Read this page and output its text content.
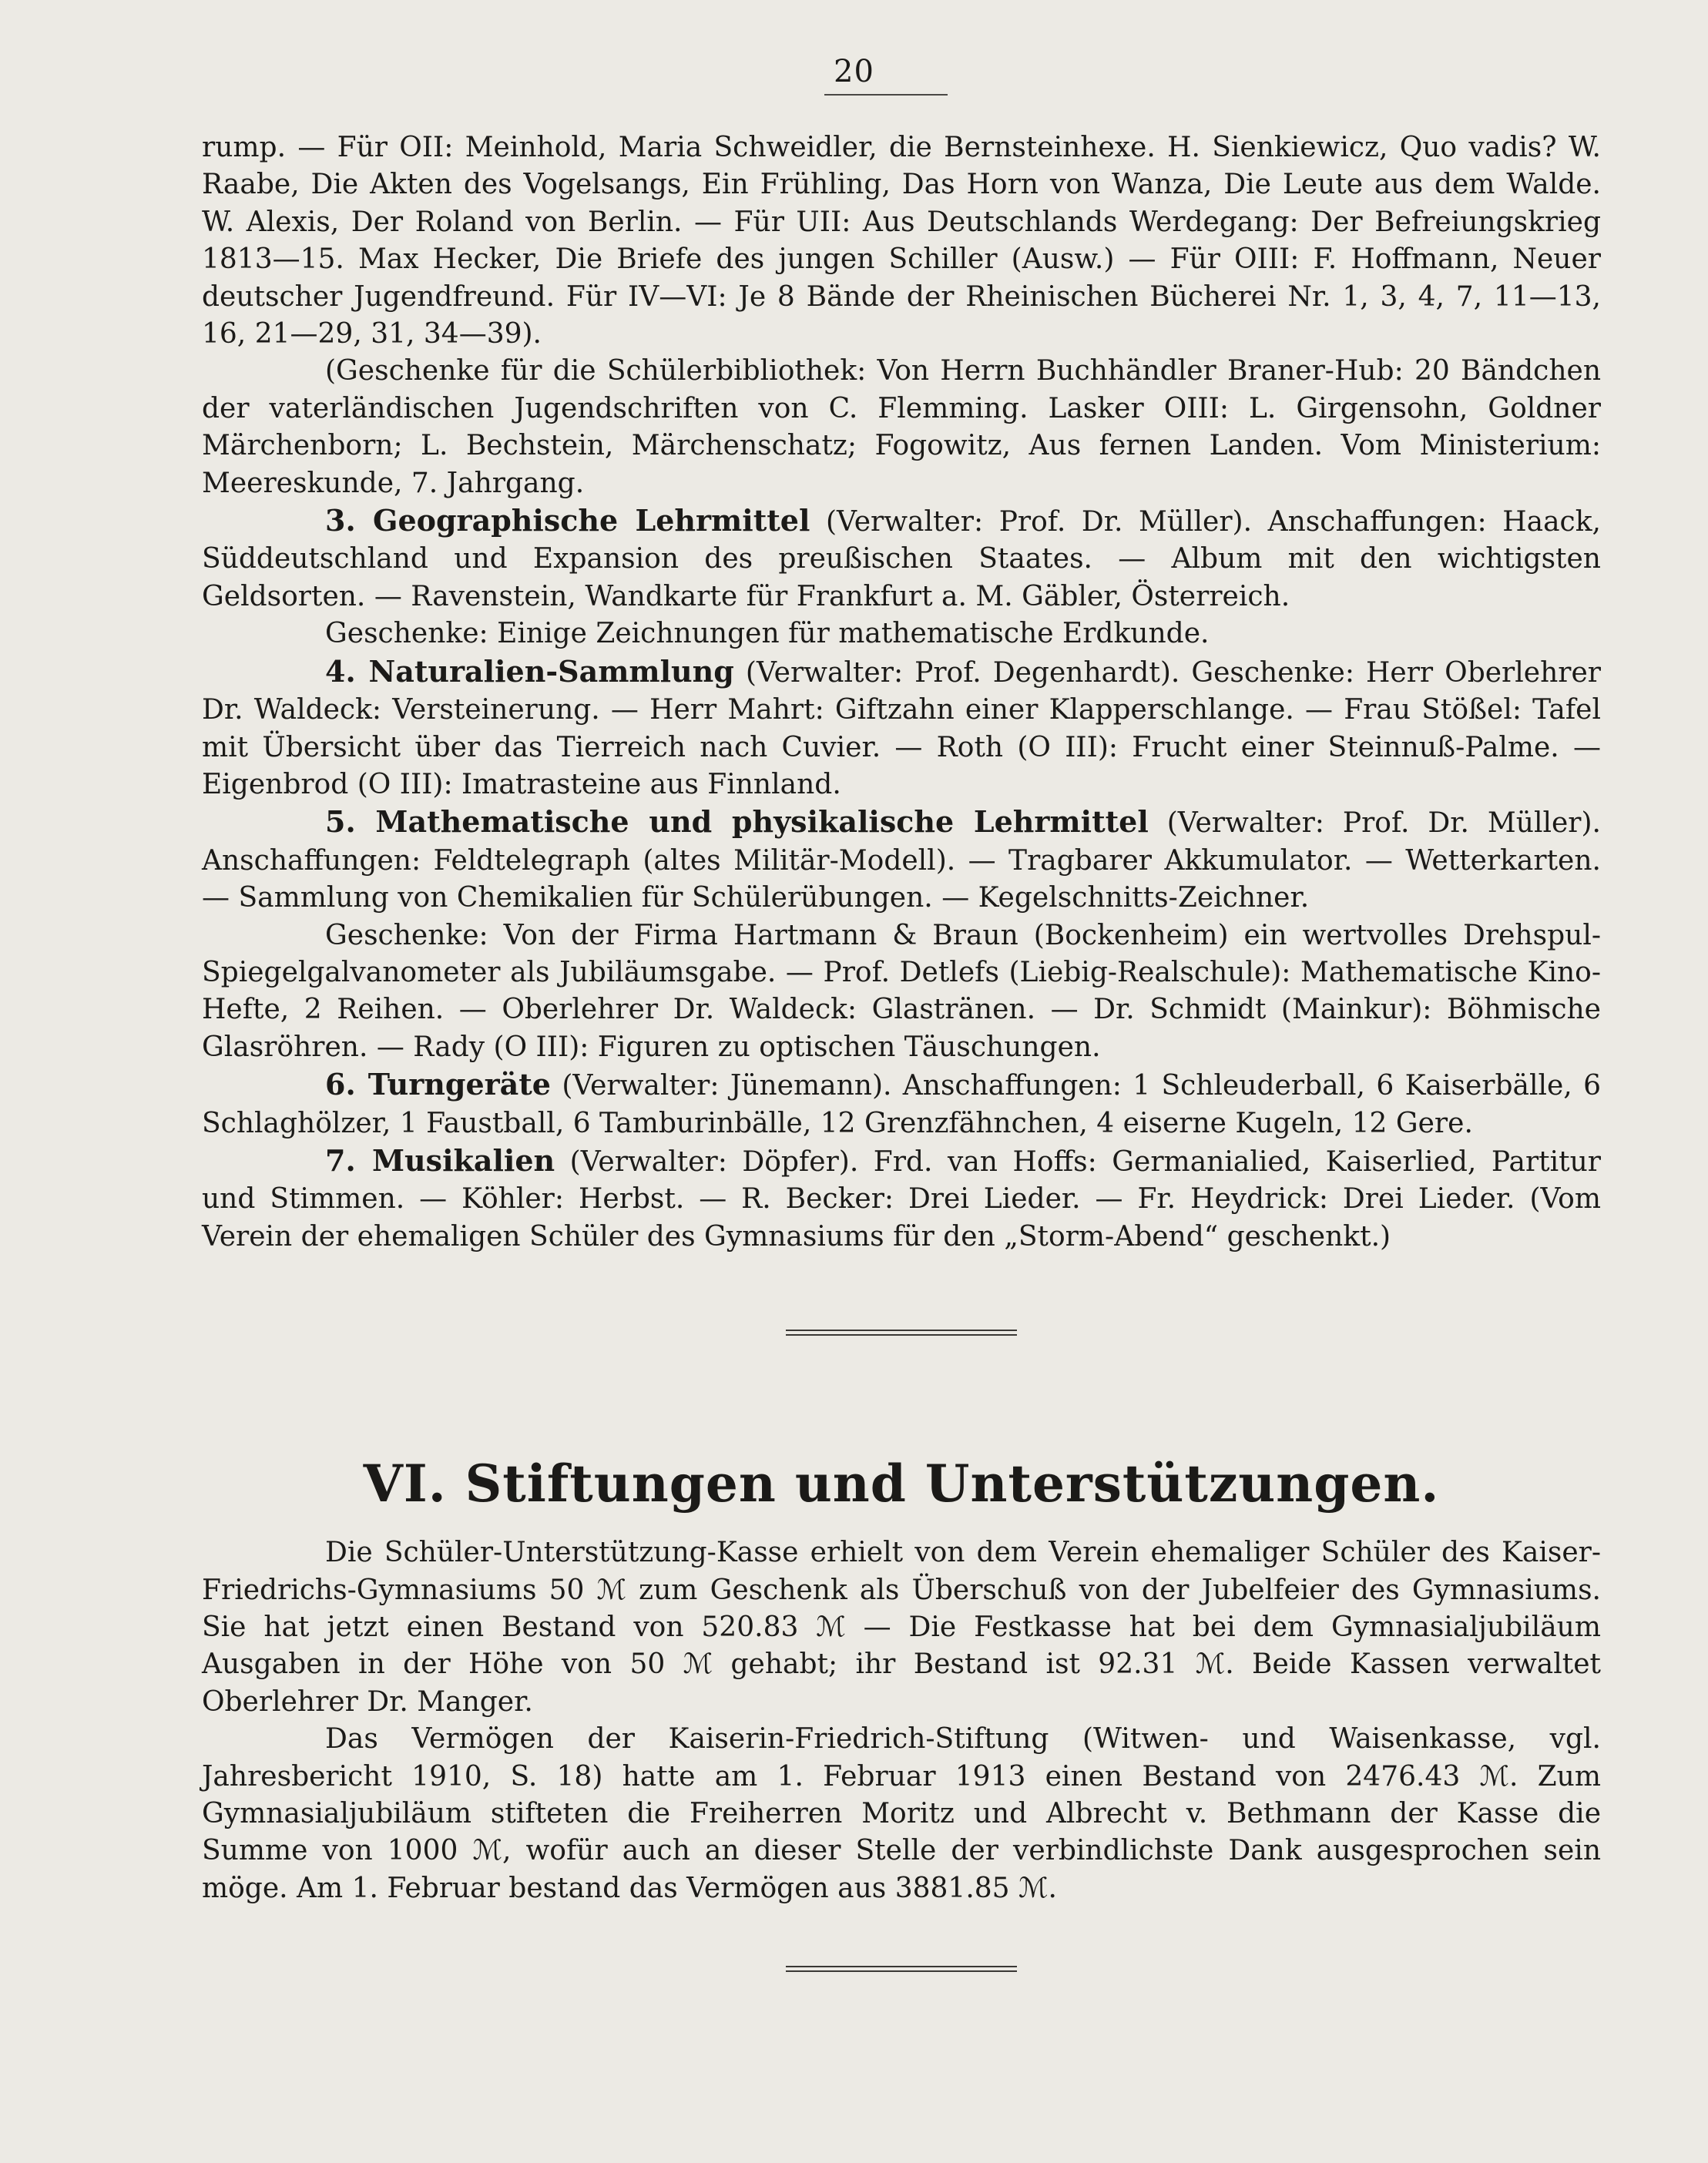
20

rump. — Für OII: Meinhold, Maria Schweidler, die Bernsteinhexe. H. Sienkiewicz, Quo vadis? W. Raabe, Die Akten des Vogelsangs, Ein Frühling, Das Horn von Wanza, Die Leute aus dem Walde. W. Alexis, Der Roland von Berlin. — Für UII: Aus Deutschlands Werdegang: Der Befreiungskrieg 1813—15. Max Hecker, Die Briefe des jungen Schiller (Ausw.) — Für OIII: F. Hoffmann, Neuer deutscher Jugendfreund. Für IV—VI: Je 8 Bände der Rheinischen Bücherei Nr. 1, 3, 4, 7, 11—13, 16, 21—29, 31, 34—39).

(Geschenke für die Schülerbibliothek: Von Herrn Buchhändler Braner-Hub: 20 Bändchen der vaterländischen Jugendschriften von C. Flemming. Lasker OIII: L. Girgensohn, Goldner Märchenborn; L. Bechstein, Märchenschatz; Fogowitz, Aus fernen Landen. Vom Ministerium: Meereskunde, 7. Jahrgang.

3. Geographische Lehrmittel (Verwalter: Prof. Dr. Müller). Anschaffungen: Haack, Süddeutschland und Expansion des preußischen Staates. — Album mit den wichtigsten Geldsorten. — Ravenstein, Wandkarte für Frankfurt a. M. Gäbler, Österreich.

Geschenke: Einige Zeichnungen für mathematische Erdkunde.

4. Naturalien-Sammlung (Verwalter: Prof. Degenhardt). Geschenke: Herr Oberlehrer Dr. Waldeck: Versteinerung. — Herr Mahrt: Giftzahn einer Klapperschlange. — Frau Stößel: Tafel mit Übersicht über das Tierreich nach Cuvier. — Roth (O III): Frucht einer Steinnuß-Palme. — Eigenbrod (O III): Imatrasteine aus Finnland.

5. Mathematische und physikalische Lehrmittel (Verwalter: Prof. Dr. Müller). Anschaffungen: Feldtelegraph (altes Militär-Modell). — Tragbarer Akkumulator. — Wetterkarten. — Sammlung von Chemikalien für Schülerübungen. — Kegelschnitts-Zeichner.

Geschenke: Von der Firma Hartmann & Braun (Bockenheim) ein wertvolles Drehspul-Spiegelgalvanometer als Jubiläumsgabe. — Prof. Detlefs (Liebig-Realschule): Mathematische Kino-Hefte, 2 Reihen. — Oberlehrer Dr. Waldeck: Glastränen. — Dr. Schmidt (Mainkur): Böhmische Glasröhren. — Rady (O III): Figuren zu optischen Täuschungen.

6. Turngeräte (Verwalter: Jünemann). Anschaffungen: 1 Schleuderball, 6 Kaiserbälle, 6 Schlaghölzer, 1 Faustball, 6 Tamburinbälle, 12 Grenzfähnchen, 4 eiserne Kugeln, 12 Gere.

7. Musikalien (Verwalter: Döpfer). Frd. van Hoffs: Germanialied, Kaiserlied, Partitur und Stimmen. — Köhler: Herbst. — R. Becker: Drei Lieder. — Fr. Heydrick: Drei Lieder. (Vom Verein der ehemaligen Schüler des Gymnasiums für den „Storm-Abend“ geschenkt.)

VI. Stiftungen und Unterstützungen.

Die Schüler-Unterstützung-Kasse erhielt von dem Verein ehemaliger Schüler des Kaiser-Friedrichs-Gymnasiums 50 ℳ zum Geschenk als Überschuß von der Jubelfeier des Gymnasiums. Sie hat jetzt einen Bestand von 520.83 ℳ — Die Festkasse hat bei dem Gymnasialjubiläum Ausgaben in der Höhe von 50 ℳ gehabt; ihr Bestand ist 92.31 ℳ. Beide Kassen verwaltet Oberlehrer Dr. Manger.

Das Vermögen der Kaiserin-Friedrich-Stiftung (Witwen- und Waisenkasse, vgl. Jahresbericht 1910, S. 18) hatte am 1. Februar 1913 einen Bestand von 2476.43 ℳ. Zum Gymnasialjubiläum stifteten die Freiherren Moritz und Albrecht v. Bethmann der Kasse die Summe von 1000 ℳ, wofür auch an dieser Stelle der verbindlichste Dank ausgesprochen sein möge. Am 1. Februar bestand das Vermögen aus 3881.85 ℳ.
